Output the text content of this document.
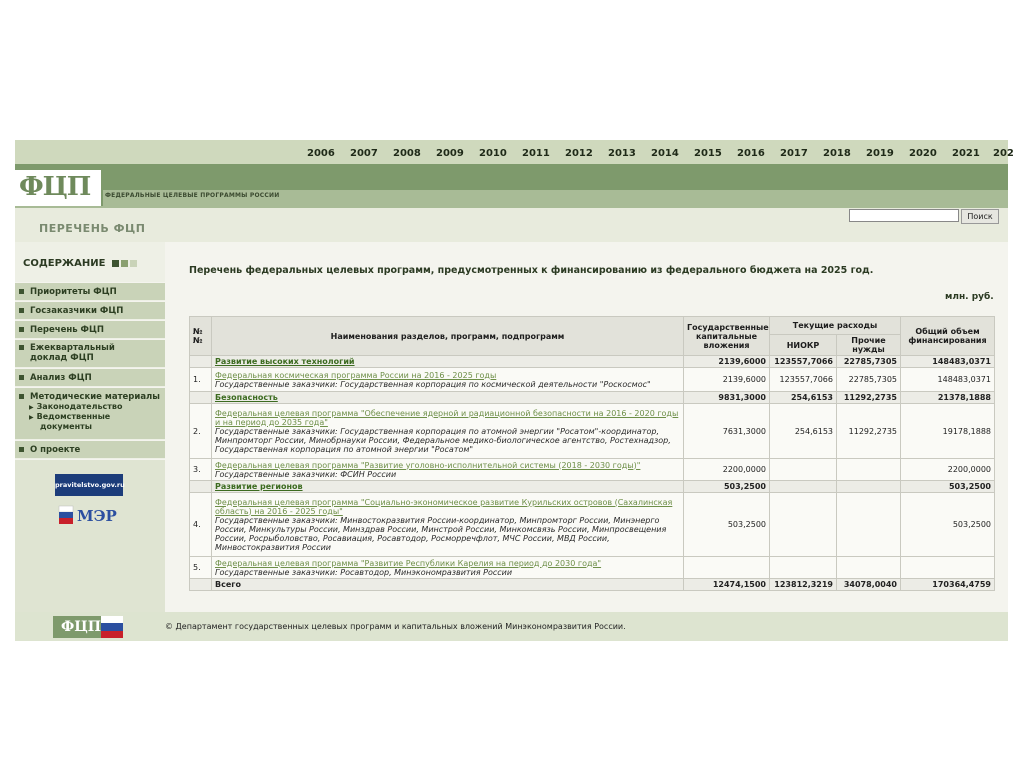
2006 2007 2008 2009 2010 2011 2012 2013 2014 2015 2016 2017 2018 2019 2020 2021 202
ФЦП ФЕДЕРАЛЬНЫЕ ЦЕЛЕВЫЕ ПРОГРАММЫ РОССИИ
ПЕРЕЧЕНЬ ФЦП
Поиск
СОДЕРЖАНИЕ
Приоритеты ФЦП
Госзаказчики ФЦП
Перечень ФЦП
Ежеквартальный
доклад ФЦП
Анализ ФЦП
Методические материалы
▶ Законодательство
▶ Ведомственные
документы
О проекте
pravitelstvo.gov.ru
МЭР
Перечень федеральных целевых программ, предусмотренных к финансированию из федерального бюджета на 2025 год.
млн. руб.
№ №	Наименования разделов, программ, подпрограмм	Государственные капитальные вложения	Текущие расходы		Общий объем финансирования
			НИОКР	Прочие нужды	
	Развитие высоких технологий	2139,6000	123557,7066	22785,7305	148483,0371
1.	Федеральная космическая программа России на 2016 - 2025 годы
Государственные заказчики: Государственная корпорация по космической деятельности "Роскосмос"	2139,6000	123557,7066	22785,7305	148483,0371
	Безопасность	9831,3000	254,6153	11292,2735	21378,1888
2.	Федеральная целевая программа "Обеспечение ядерной и радиационной безопасности на 2016 - 2020 годы и на период до 2035 года"
Государственные заказчики: Государственная корпорация по атомной энергии "Росатом"-координатор, Минпромторг России, Минобрнауки России, Федеральное медико-биологическое агентство, Ростехнадзор, Государственная корпорация по атомной энергии "Росатом"	7631,3000	254,6153	11292,2735	19178,1888
3.	Федеральная целевая программа "Развитие уголовно-исполнительной системы (2018 - 2030 годы)"
Государственные заказчики: ФСИН России	2200,0000			2200,0000
	Развитие регионов	503,2500			503,2500
4.	Федеральная целевая программа "Социально-экономическое развитие Курильских островов (Сахалинская область) на 2016 - 2025 годы"
Государственные заказчики: Минвостокразвития России-координатор, Минпромторг России, Минэнерго России, Минкультуры России, Минздрав России, Минстрой России, Минкомсвязь России, Минпросвещения России, Росрыболовство, Росавиация, Росавтодор, Росморречфлот, МЧС России, МВД России, Минвостокразвития России	503,2500			503,2500
5.	Федеральная целевая программа "Развитие Республики Карелия на период до 2030 года"
Государственные заказчики: Росавтодор, Минэкономразвития России				

	Всего	12474,1500	123812,3219	34078,0040	170364,4759
ФЦП	© Департамент государственных целевых программ и капитальных вложений Минэкономразвития России.
